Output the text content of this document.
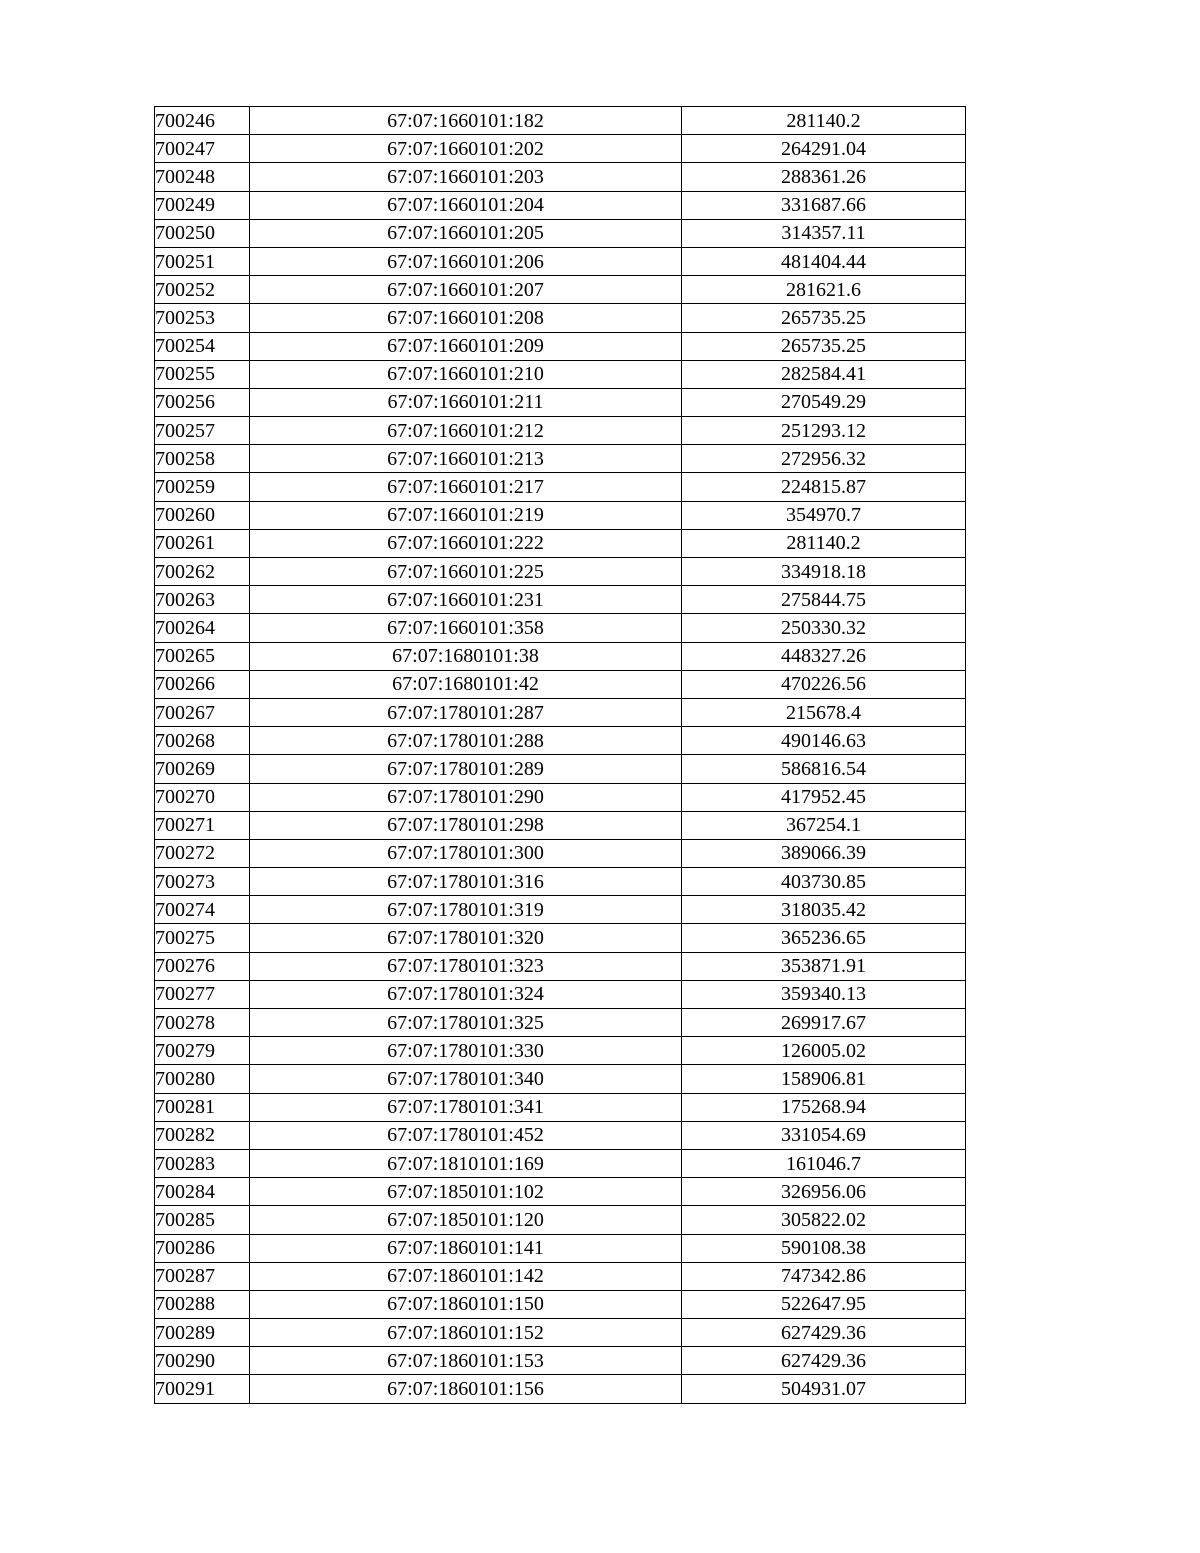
700246	67:07:1660101:182	281140.2
700247	67:07:1660101:202	264291.04
700248	67:07:1660101:203	288361.26
700249	67:07:1660101:204	331687.66
700250	67:07:1660101:205	314357.11
700251	67:07:1660101:206	481404.44
700252	67:07:1660101:207	281621.6
700253	67:07:1660101:208	265735.25
700254	67:07:1660101:209	265735.25
700255	67:07:1660101:210	282584.41
700256	67:07:1660101:211	270549.29
700257	67:07:1660101:212	251293.12
700258	67:07:1660101:213	272956.32
700259	67:07:1660101:217	224815.87
700260	67:07:1660101:219	354970.7
700261	67:07:1660101:222	281140.2
700262	67:07:1660101:225	334918.18
700263	67:07:1660101:231	275844.75
700264	67:07:1660101:358	250330.32
700265	67:07:1680101:38	448327.26
700266	67:07:1680101:42	470226.56
700267	67:07:1780101:287	215678.4
700268	67:07:1780101:288	490146.63
700269	67:07:1780101:289	586816.54
700270	67:07:1780101:290	417952.45
700271	67:07:1780101:298	367254.1
700272	67:07:1780101:300	389066.39
700273	67:07:1780101:316	403730.85
700274	67:07:1780101:319	318035.42
700275	67:07:1780101:320	365236.65
700276	67:07:1780101:323	353871.91
700277	67:07:1780101:324	359340.13
700278	67:07:1780101:325	269917.67
700279	67:07:1780101:330	126005.02
700280	67:07:1780101:340	158906.81
700281	67:07:1780101:341	175268.94
700282	67:07:1780101:452	331054.69
700283	67:07:1810101:169	161046.7
700284	67:07:1850101:102	326956.06
700285	67:07:1850101:120	305822.02
700286	67:07:1860101:141	590108.38
700287	67:07:1860101:142	747342.86
700288	67:07:1860101:150	522647.95
700289	67:07:1860101:152	627429.36
700290	67:07:1860101:153	627429.36
700291	67:07:1860101:156	504931.07
